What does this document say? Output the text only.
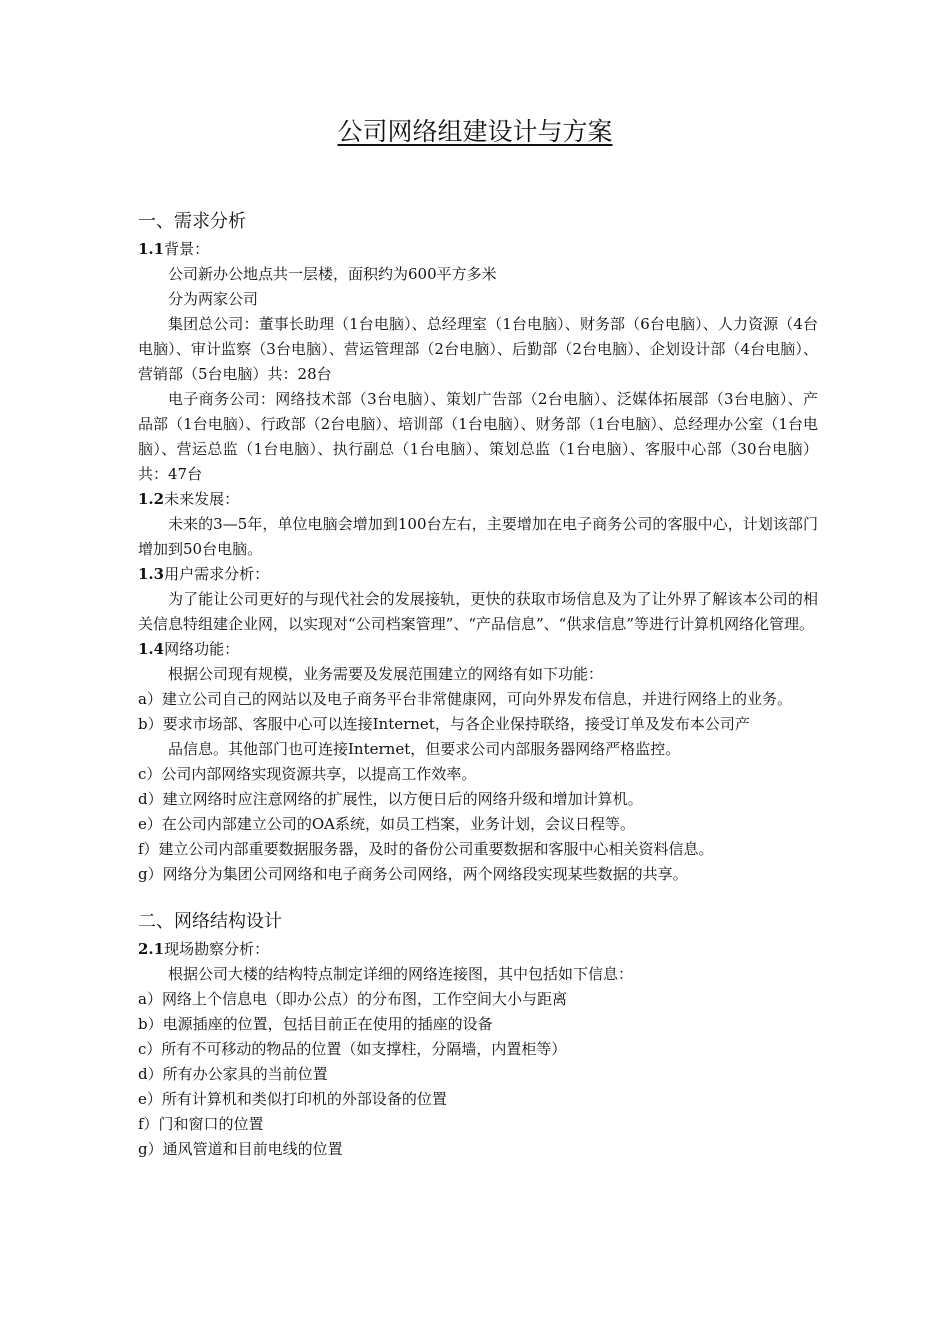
公司网络组建设计与方案
一、需求分析
1.1背景：
公司新办公地点共一层楼，面积约为600平方多米
分为两家公司
集团总公司：董事长助理（1台电脑）、总经理室（1台电脑）、财务部（6台电脑）、人力资源（4台电脑）、审计监察（3台电脑）、营运管理部（2台电脑）、后勤部（2台电脑）、企划设计部（4台电脑）、营销部（5台电脑）共：28台
电子商务公司：网络技术部（3台电脑）、策划广告部（2台电脑）、泛媒体拓展部（3台电脑）、产品部（1台电脑）、行政部（2台电脑）、培训部（1台电脑）、财务部（1台电脑）、总经理办公室（1台电脑）、营运总监（1台电脑）、执行副总（1台电脑）、策划总监（1台电脑）、客服中心部（30台电脑）共：47台
1.2未来发展：
未来的3—5年，单位电脑会增加到100台左右，主要增加在电子商务公司的客服中心，计划该部门增加到50台电脑。
1.3用户需求分析：
为了能让公司更好的与现代社会的发展接轨，更快的获取市场信息及为了让外界了解该本公司的相关信息特组建企业网，以实现对“公司档案管理”、“产品信息”、“供求信息”等进行计算机网络化管理。
1.4网络功能：
根据公司现有规模，业务需要及发展范围建立的网络有如下功能：
a）建立公司自己的网站以及电子商务平台非常健康网，可向外界发布信息，并进行网络上的业务。
b）要求市场部、客服中心可以连接Internet，与各企业保持联络，接受订单及发布本公司产
品信息。其他部门也可连接Internet，但要求公司内部服务器网络严格监控。
c）公司内部网络实现资源共享，以提高工作效率。
d）建立网络时应注意网络的扩展性，以方便日后的网络升级和增加计算机。
e）在公司内部建立公司的OA系统，如员工档案，业务计划，会议日程等。
f）建立公司内部重要数据服务器，及时的备份公司重要数据和客服中心相关资料信息。
g）网络分为集团公司网络和电子商务公司网络，两个网络段实现某些数据的共享。
二、网络结构设计
2.1现场勘察分析：
根据公司大楼的结构特点制定详细的网络连接图，其中包括如下信息：
a）网络上个信息电（即办公点）的分布图，工作空间大小与距离
b）电源插座的位置，包括目前正在使用的插座的设备
c）所有不可移动的物品的位置（如支撑柱，分隔墙，内置柜等）
d）所有办公家具的当前位置
e）所有计算机和类似打印机的外部设备的位置
f）门和窗口的位置
g）通风管道和目前电线的位置
